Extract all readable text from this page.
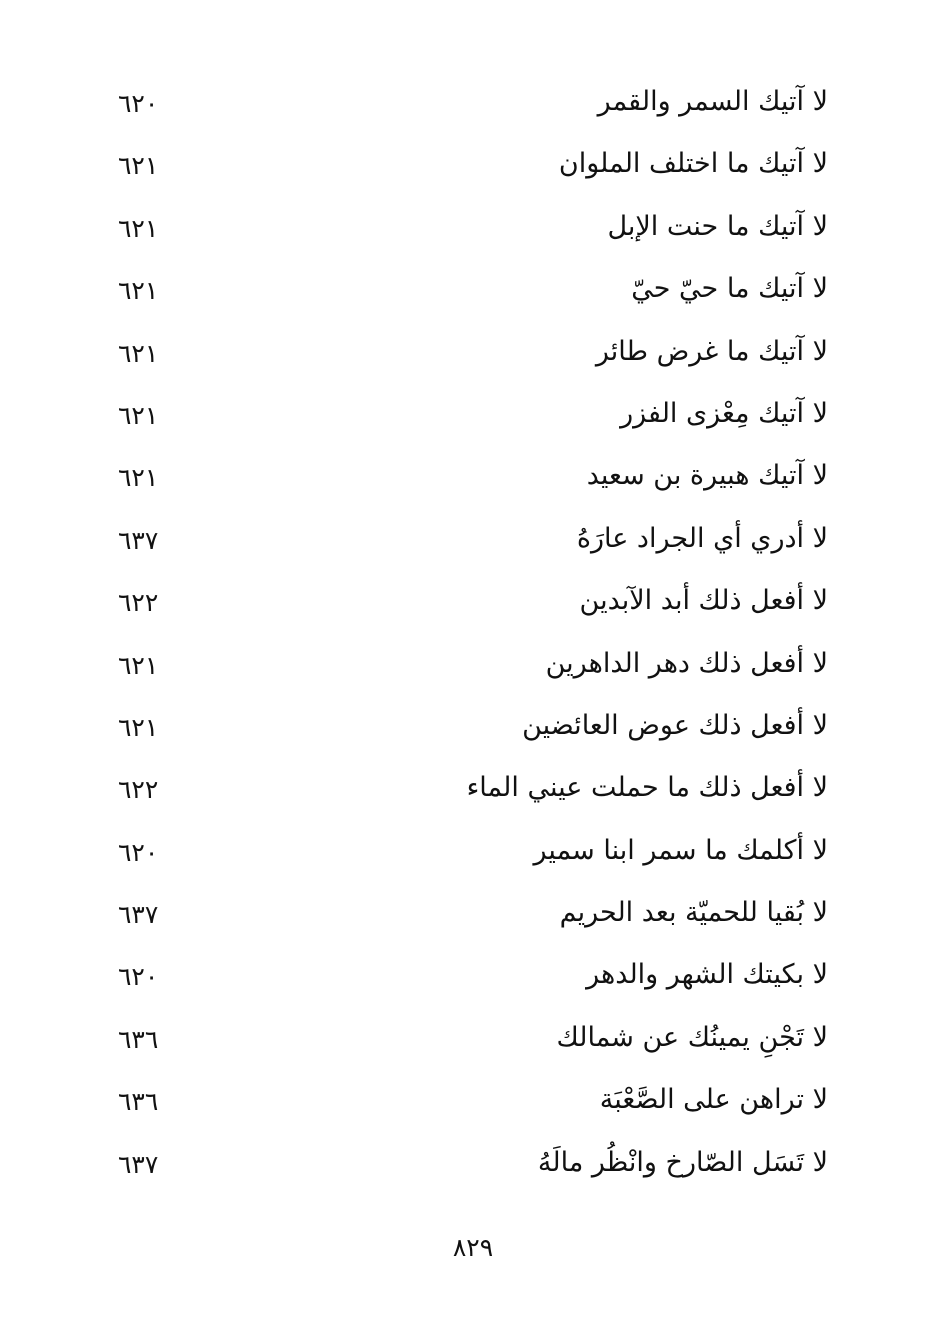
لا آتيك السمر والقمر
٦٢٠
لا آتيك ما اختلف الملوان
٦٢١
لا آتيك ما حنت الإبل
٦٢١
لا آتيك ما حيّ حيّ
٦٢١
لا آتيك ما غرض طائر
٦٢١
لا آتيك مِعْزى الفزر
٦٢١
لا آتيك هبيرة بن سعيد
٦٢١
لا أدري أي الجراد عارَهُ
٦٣٧
لا أفعل ذلك أبد الآبدين
٦٢٢
لا أفعل ذلك دهر الداهرين
٦٢١
لا أفعل ذلك عوض العائضين
٦٢١
لا أفعل ذلك ما حملت عيني الماء
٦٢٢
لا أكلمك ما سمر ابنا سمير
٦٢٠
لا بُقيا للحميّة بعد الحريم
٦٣٧
لا بكيتك الشهر والدهر
٦٢٠
لا تَجْنِ يمينُك عن شمالك
٦٣٦
لا تراهن على الصَّعْبَة
٦٣٦
لا تَسَل الصّارخ وانْظُر مالَهُ
٦٣٧
٨٢٩
